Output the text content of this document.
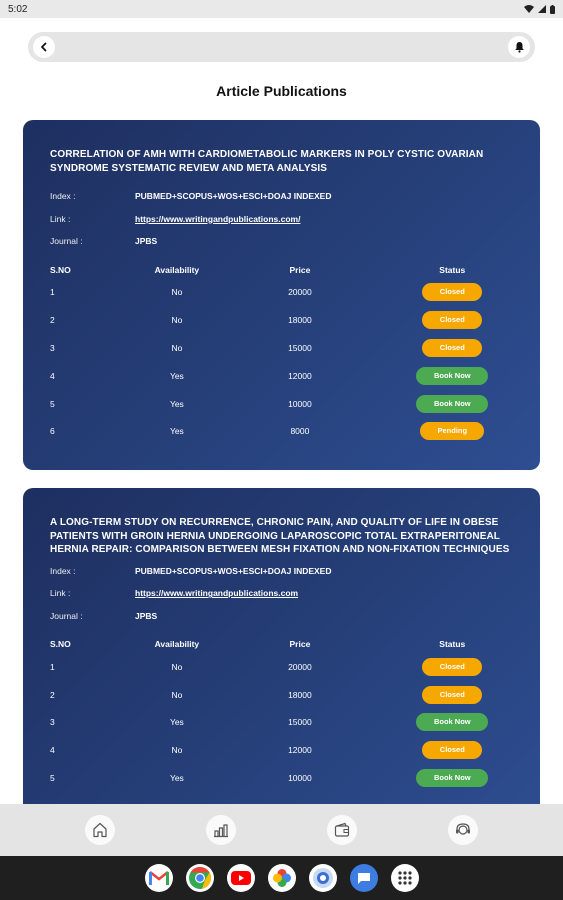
5:02
Article Publications
CORRELATION OF AMH WITH CARDIOMETABOLIC MARKERS IN POLY CYSTIC OVARIAN SYNDROME SYSTEMATIC REVIEW AND META ANALYSIS
Index :	PUBMED+SCOPUS+WOS+ESCI+DOAJ INDEXED
Link :	https://www.writingandpublications.com/
Journal :	JPBS
S.NO	Availability	Price	Status
1	No	20000	Closed
2	No	18000	Closed
3	No	15000	Closed
4	Yes	12000	Book Now
5	Yes	10000	Book Now
6	Yes	8000	Pending
A LONG-TERM STUDY ON RECURRENCE, CHRONIC PAIN, AND QUALITY OF LIFE IN OBESE PATIENTS WITH GROIN HERNIA UNDERGOING LAPAROSCOPIC TOTAL EXTRAPERITONEAL HERNIA REPAIR: COMPARISON BETWEEN MESH FIXATION AND NON-FIXATION TECHNIQUES
Index :	PUBMED+SCOPUS+WOS+ESCI+DOAJ INDEXED
Link :	https://www.writingandpublications.com
Journal :	JPBS
S.NO	Availability	Price	Status
1	No	20000	Closed
2	No	18000	Closed
3	Yes	15000	Book Now
4	No	12000	Closed
5	Yes	10000	Book Now
